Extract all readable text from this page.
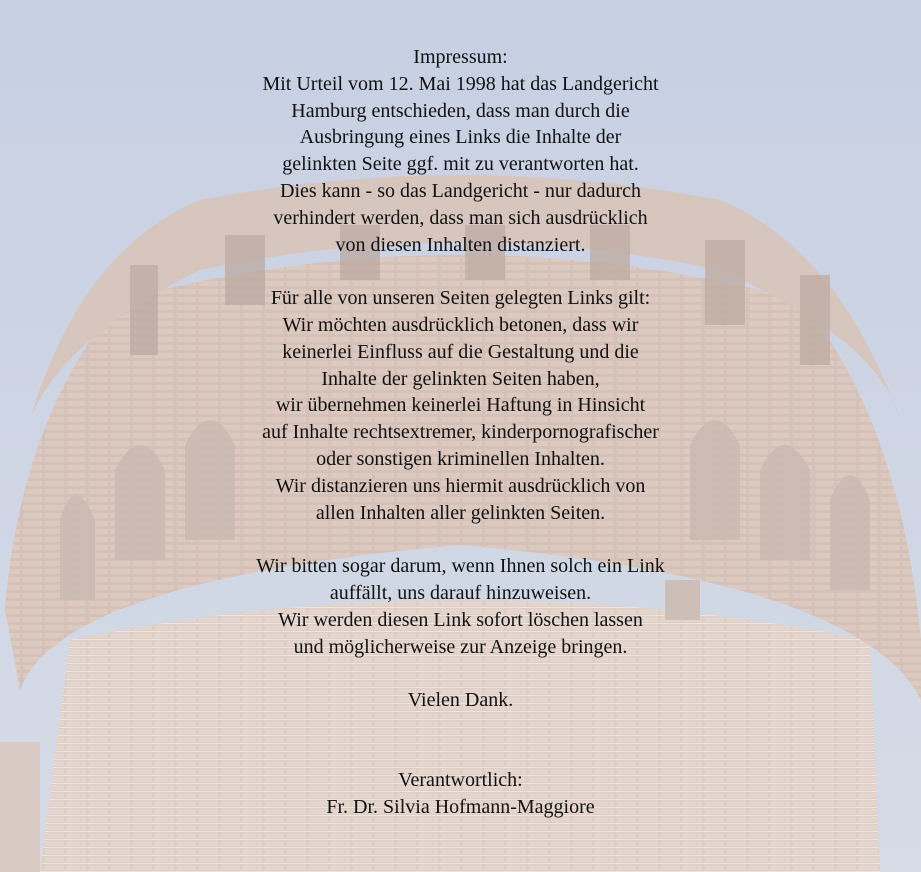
Impressum:

Mit Urteil vom 12. Mai 1998 hat das Landgericht
Hamburg entschieden, dass man durch die
Ausbringung eines Links die Inhalte der
gelinkten Seite ggf. mit zu verantworten hat.
Dies kann - so das Landgericht - nur dadurch
verhindert werden, dass man sich ausdrücklich
von diesen Inhalten distanziert.

Für alle von unseren Seiten gelegten Links gilt:
Wir möchten ausdrücklich betonen, dass wir
keinerlei Einfluss auf die Gestaltung und die
Inhalte der gelinkten Seiten haben,
wir übernehmen keinerlei Haftung in Hinsicht
auf Inhalte rechtsextremer, kinderpornografischer
oder sonstigen kriminellen Inhalten.
Wir distanzieren uns hiermit ausdrücklich von
allen Inhalten aller gelinkten Seiten.

Wir bitten sogar darum, wenn Ihnen solch ein Link
auffällt, uns darauf hinzuweisen.
Wir werden diesen Link sofort löschen lassen
und möglicherweise zur Anzeige bringen.

Vielen Dank.

Verantwortlich:
Fr. Dr. Silvia Hofmann-Maggiore
